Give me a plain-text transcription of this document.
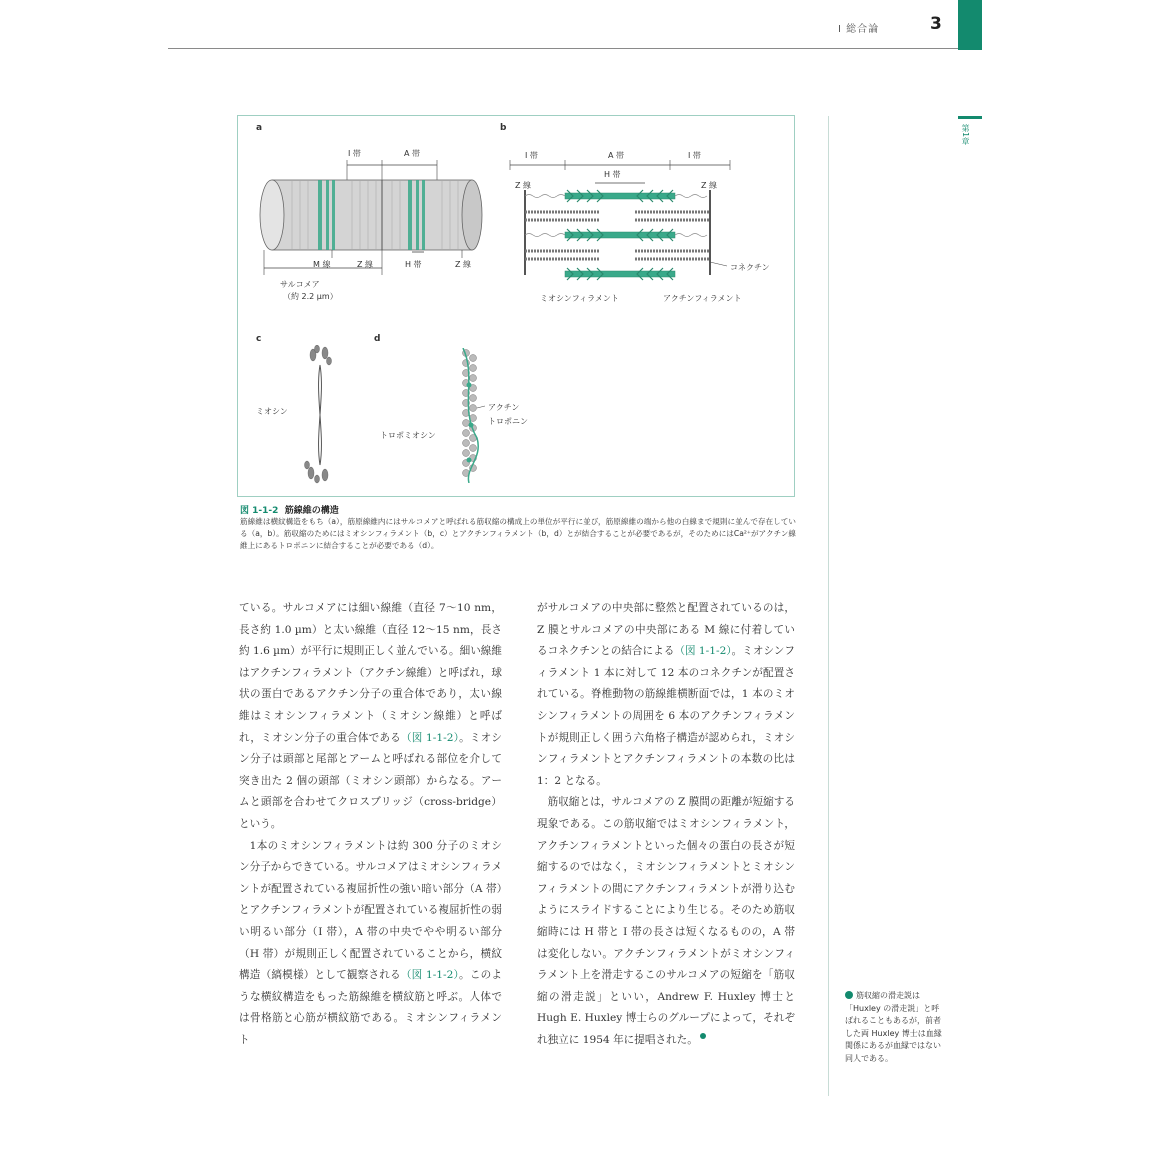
I 総合論	3
第1章
a
I 帯	A 帯
M 線	Z 線	H 帯	Z 線
サルコメア
（約 2.2 µm）
b
I 帯	A 帯	I 帯
H 帯
Z 線	Z 線
コネクチン
ミオシンフィラメント	アクチンフィラメント
c
ミオシン
d
アクチン
トロポニン
トロポミオシン
図 1-1-2 筋線維の構造
筋線維は横紋構造をもち（a），筋原線維内にはサルコメアと呼ばれる筋収縮の構成上の単位が平行に並び，筋原線維の端から他の白線まで規則に並んで存在している（a，b）。筋収縮のためにはミオシンフィラメント（b，c）とアクチンフィラメント（b，d）とが結合することが必要であるが，そのためにはCa²⁺がアクチン線維上にあるトロポニンに結合することが必要である（d）。

ている。サルコメアには細い線維（直径 7～10 nm，長さ約 1.0 µm）と太い線維（直径 12～15 nm，長さ約 1.6 µm）が平行に規則正しく並んでいる。細い線維はアクチンフィラメント（アクチン線維）と呼ばれ，球状の蛋白であるアクチン分子の重合体であり，太い線維はミオシンフィラメント（ミオシン線維）と呼ばれ，ミオシン分子の重合体である（図 1-1-2）。ミオシン分子は頭部と尾部とアームと呼ばれる部位を介して突き出た 2 個の頭部（ミオシン頭部）からなる。アームと頭部を合わせてクロスブリッジ（cross-bridge）という。

1本のミオシンフィラメントは約 300 分子のミオシン分子からできている。サルコメアはミオシンフィラメントが配置されている複屈折性の強い暗い部分（A 帯）とアクチンフィラメントが配置されている複屈折性の弱い明るい部分（I 帯），A 帯の中央でやや明るい部分（H 帯）が規則正しく配置されていることから，横紋構造（縞模様）として観察される（図 1-1-2）。このような横紋構造をもった筋線維を横紋筋と呼ぶ。人体では骨格筋と心筋が横紋筋である。ミオシンフィラメント

がサルコメアの中央部に整然と配置されているのは，Z 膜とサルコメアの中央部にある M 線に付着しているコネクチンとの結合による（図 1-1-2）。ミオシンフィラメント 1 本に対して 12 本のコネクチンが配置されている。脊椎動物の筋線維横断面では，1 本のミオシンフィラメントの周囲を 6 本のアクチンフィラメントが規則正しく囲う六角格子構造が認められ，ミオシンフィラメントとアクチンフィラメントの本数の比は 1：2 となる。

筋収縮とは，サルコメアの Z 膜間の距離が短縮する現象である。この筋収縮ではミオシンフィラメント，アクチンフィラメントといった個々の蛋白の長さが短縮するのではなく，ミオシンフィラメントとミオシンフィラメントの間にアクチンフィラメントが滑り込むようにスライドすることにより生じる。そのため筋収縮時には H 帯と I 帯の長さは短くなるものの，A 帯は変化しない。アクチンフィラメントがミオシンフィラメント上を滑走するこのサルコメアの短縮を「筋収縮の滑走説」といい，Andrew F. Huxley 博士と Hugh E. Huxley 博士らのグループによって，それぞれ独立に 1954 年に提唱された。

筋収縮の滑走説は「Huxley の滑走説」と呼ばれることもあるが，前者した両 Huxley 博士は血縁関係にあるが血縁ではない同人である。
